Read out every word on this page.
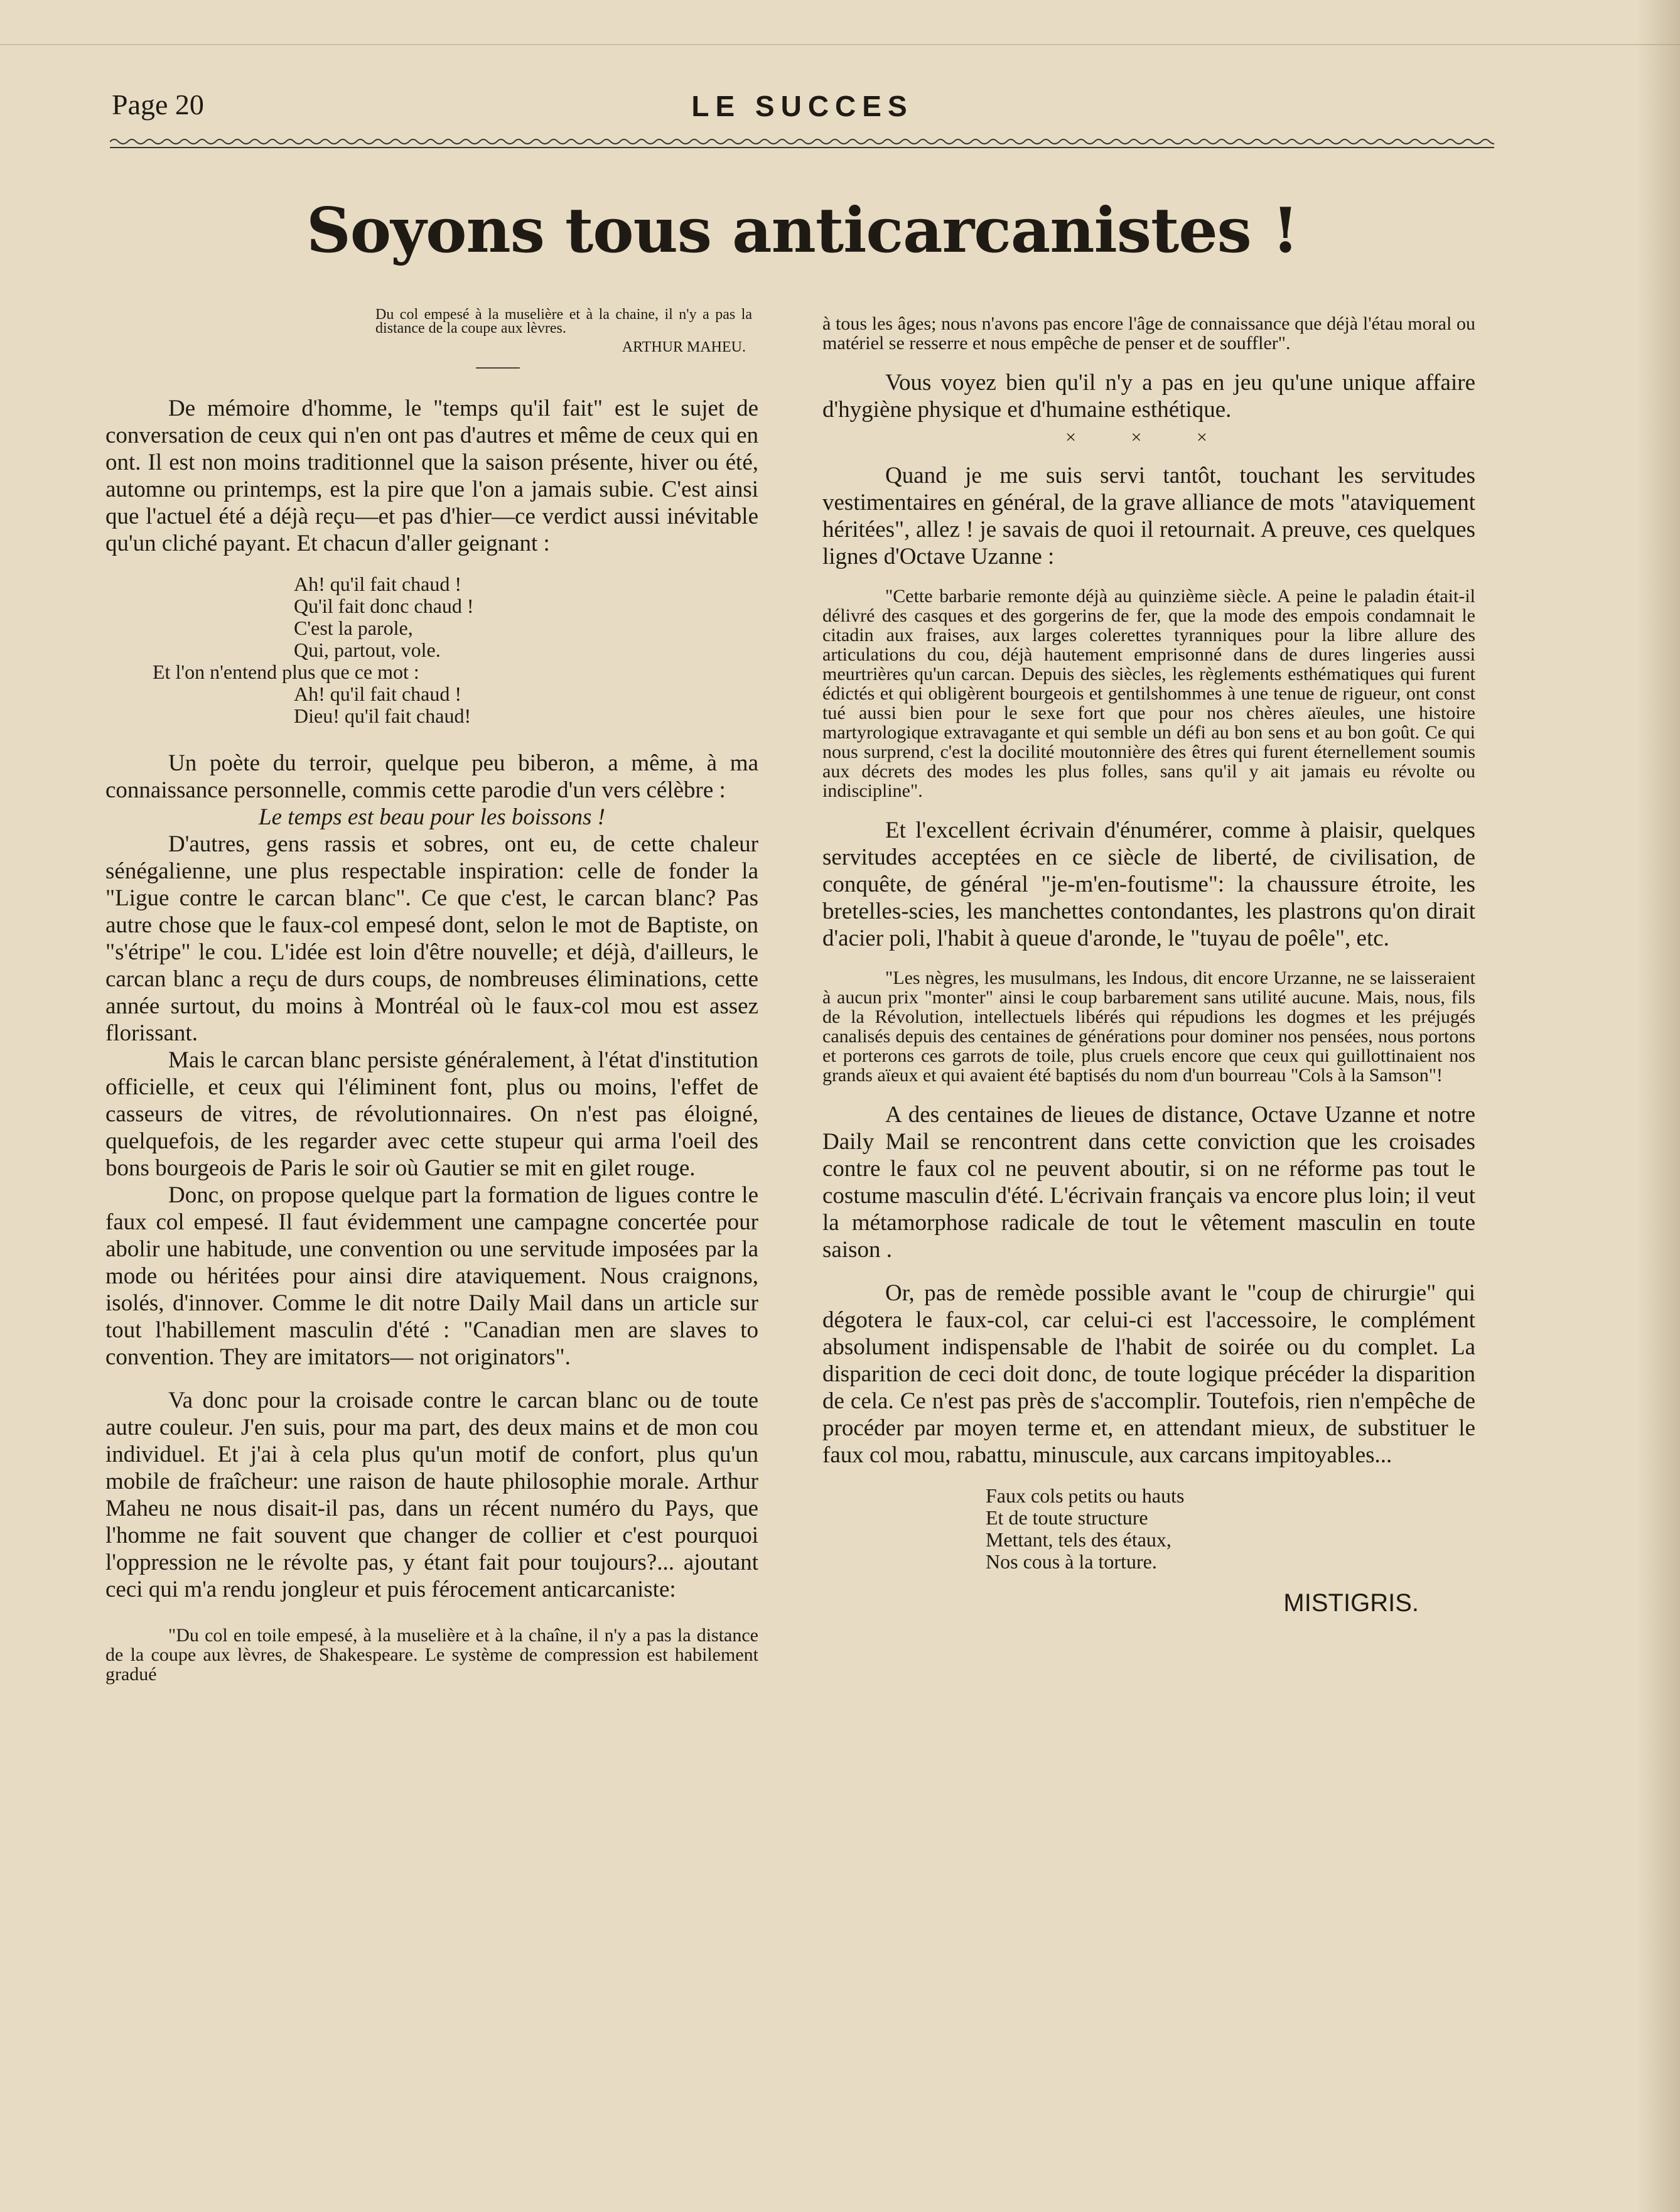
Page 20	LE SUCCES
Soyons tous anticarcanistes !
Du col empesé à la muselière et à la chaine, il n'y a pas la distance de la coupe aux lèvres.
ARTHUR MAHEU.

De mémoire d'homme, le "temps qu'il fait" est le sujet de conversation de ceux qui n'en ont pas d'autres et même de ceux qui en ont. Il est non moins traditionnel que la saison présente, hiver ou été, automne ou printemps, est la pire que l'on a jamais subie. C'est ainsi que l'actuel été a déjà reçu—et pas d'hier—ce verdict aussi inévitable qu'un cliché payant. Et chacun d'aller geignant :

Ah! qu'il fait chaud !
Qu'il fait donc chaud !
C'est la parole,
Qui, partout, vole.
Et l'on n'entend plus que ce mot :
Ah! qu'il fait chaud !
Dieu! qu'il fait chaud!

Un poète du terroir, quelque peu biberon, a même, à ma connaissance personnelle, commis cette parodie d'un vers célèbre :

Le temps est beau pour les boissons !

D'autres, gens rassis et sobres, ont eu, de cette chaleur sénégalienne, une plus respectable inspiration: celle de fonder la "Ligue contre le carcan blanc". Ce que c'est, le carcan blanc? Pas autre chose que le faux-col empesé dont, selon le mot de Baptiste, on "s'étripe" le cou. L'idée est loin d'être nouvelle; et déjà, d'ailleurs, le carcan blanc a reçu de durs coups, de nombreuses éliminations, cette année surtout, du moins à Montréal où le faux-col mou est assez florissant.

Mais le carcan blanc persiste généralement, à l'état d'institution officielle, et ceux qui l'éliminent font, plus ou moins, l'effet de casseurs de vitres, de révolutionnaires. On n'est pas éloigné, quelquefois, de les regarder avec cette stupeur qui arma l'oeil des bons bourgeois de Paris le soir où Gautier se mit en gilet rouge.

Donc, on propose quelque part la formation de ligues contre le faux col empesé. Il faut évidemment une campagne concertée pour abolir une habitude, une convention ou une servitude imposées par la mode ou héritées pour ainsi dire ataviquement. Nous craignons, isolés, d'innover. Comme le dit notre Daily Mail dans un article sur tout l'habillement masculin d'été : "Canadian men are slaves to convention. They are imitators— not originators".

Va donc pour la croisade contre le carcan blanc ou de toute autre couleur. J'en suis, pour ma part, des deux mains et de mon cou individuel. Et j'ai à cela plus qu'un motif de confort, plus qu'un mobile de fraîcheur: une raison de haute philosophie morale. Arthur Maheu ne nous disait-il pas, dans un récent numéro du Pays, que l'homme ne fait souvent que changer de collier et c'est pourquoi l'oppression ne le révolte pas, y étant fait pour toujours?... ajoutant ceci qui m'a rendu jongleur et puis férocement anticarcaniste:

"Du col en toile empesé, à la muselière et à la chaîne, il n'y a pas la distance de la coupe aux lèvres, de Shakespeare. Le système de compression est habilement gradué

à tous les âges; nous n'avons pas encore l'âge de connaissance que déjà l'étau moral ou matériel se resserre et nous empêche de penser et de souffler".

Vous voyez bien qu'il n'y a pas en jeu qu'une unique affaire d'hygiène physique et d'humaine esthétique.

× × ×

Quand je me suis servi tantôt, touchant les servitudes vestimentaires en général, de la grave alliance de mots "ataviquement héritées", allez ! je savais de quoi il retournait. A preuve, ces quelques lignes d'Octave Uzanne :

"Cette barbarie remonte déjà au quinzième siècle. A peine le paladin était-il délivré des casques et des gorgerins de fer, que la mode des empois condamnait le citadin aux fraises, aux larges colerettes tyranniques pour la libre allure des articulations du cou, déjà hautement emprisonné dans de dures lingeries aussi meurtrières qu'un carcan. Depuis des siècles, les règlements esthématiques qui furent édictés et qui obligèrent bourgeois et gentilshommes à une tenue de rigueur, ont const tué aussi bien pour le sexe fort que pour nos chères aïeules, une histoire martyrologique extravagante et qui semble un défi au bon sens et au bon goût. Ce qui nous surprend, c'est la docilité moutonnière des êtres qui furent éternellement soumis aux décrets des modes les plus folles, sans qu'il y ait jamais eu révolte ou indiscipline".

Et l'excellent écrivain d'énumérer, comme à plaisir, quelques servitudes acceptées en ce siècle de liberté, de civilisation, de conquête, de général "je-m'en-foutisme": la chaussure étroite, les bretelles-scies, les manchettes contondantes, les plastrons qu'on dirait d'acier poli, l'habit à queue d'aronde, le "tuyau de poêle", etc.

"Les nègres, les musulmans, les Indous, dit encore Urzanne, ne se laisseraient à aucun prix "monter" ainsi le coup barbarement sans utilité aucune. Mais, nous, fils de la Révolution, intellectuels libérés qui répudions les dogmes et les préjugés canalisés depuis des centaines de générations pour dominer nos pensées, nous portons et porterons ces garrots de toile, plus cruels encore que ceux qui guillottinaient nos grands aïeux et qui avaient été baptisés du nom d'un bourreau "Cols à la Samson"!

A des centaines de lieues de distance, Octave Uzanne et notre Daily Mail se rencontrent dans cette conviction que les croisades contre le faux col ne peuvent aboutir, si on ne réforme pas tout le costume masculin d'été. L'écrivain français va encore plus loin; il veut la métamorphose radicale de tout le vêtement masculin en toute saison .

Or, pas de remède possible avant le "coup de chirurgie" qui dégotera le faux-col, car celui-ci est l'accessoire, le complément absolument indispensable de l'habit de soirée ou du complet. La disparition de ceci doit donc, de toute logique précéder la disparition de cela. Ce n'est pas près de s'accomplir. Toutefois, rien n'empêche de procéder par moyen terme et, en attendant mieux, de substituer le faux col mou, rabattu, minuscule, aux carcans impitoyables...

Faux cols petits ou hauts
Et de toute structure
Mettant, tels des étaux,
Nos cous à la torture.

MISTIGRIS.
